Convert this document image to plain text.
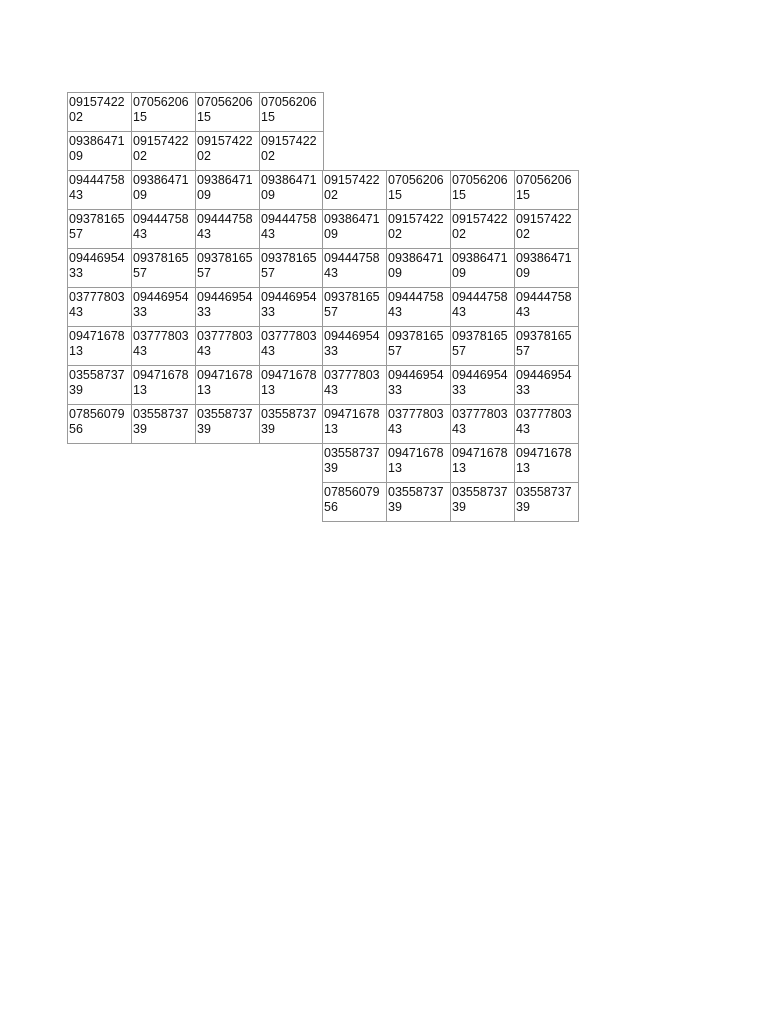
09157422
02
07056206
15
07056206
15
07056206
15
09386471
09
09157422
02
09157422
02
09157422
02
09444758
43
09386471
09
09386471
09
09386471
09
09378165
57
09444758
43
09444758
43
09444758
43
09446954
33
09378165
57
09378165
57
09378165
57
03777803
43
09446954
33
09446954
33
09446954
33
09471678
13
03777803
43
03777803
43
03777803
43
03558737
39
09471678
13
09471678
13
09471678
13
07856079
56
03558737
39
03558737
39
03558737
39
09157422
02
07056206
15
07056206
15
07056206
15
09386471
09
09157422
02
09157422
02
09157422
02
09444758
43
09386471
09
09386471
09
09386471
09
09378165
57
09444758
43
09444758
43
09444758
43
09446954
33
09378165
57
09378165
57
09378165
57
03777803
43
09446954
33
09446954
33
09446954
33
09471678
13
03777803
43
03777803
43
03777803
43
03558737
39
09471678
13
09471678
13
09471678
13
07856079
56
03558737
39
03558737
39
03558737
39
